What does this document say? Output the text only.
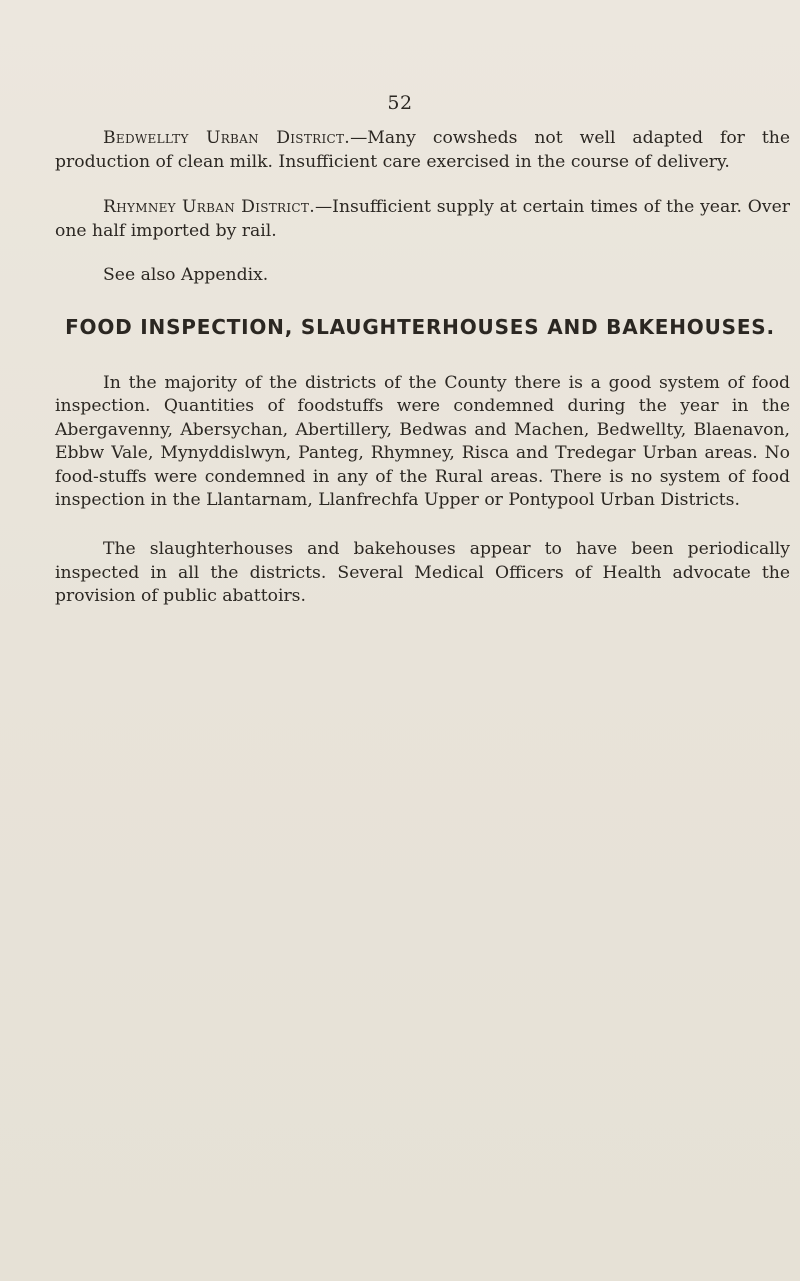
52

Bedwellty Urban District.—Many cowsheds not well adapted for the production of clean milk. Insufficient care exercised in the course of delivery.

Rhymney Urban District.—Insufficient supply at certain times of the year. Over one half imported by rail.

See also Appendix.

FOOD INSPECTION, SLAUGHTERHOUSES AND BAKEHOUSES.

In the majority of the districts of the County there is a good system of food inspection. Quantities of foodstuffs were condemned during the year in the Abergavenny, Abersychan, Abertillery, Bedwas and Machen, Bedwellty, Blaenavon, Ebbw Vale, Mynyddislwyn, Panteg, Rhymney, Risca and Tredegar Urban areas. No food-stuffs were condemned in any of the Rural areas. There is no system of food inspection in the Llantarnam, Llanfrechfa Upper or Pontypool Urban Districts.

The slaughterhouses and bakehouses appear to have been periodically inspected in all the districts. Several Medical Officers of Health advocate the provision of public abattoirs.
